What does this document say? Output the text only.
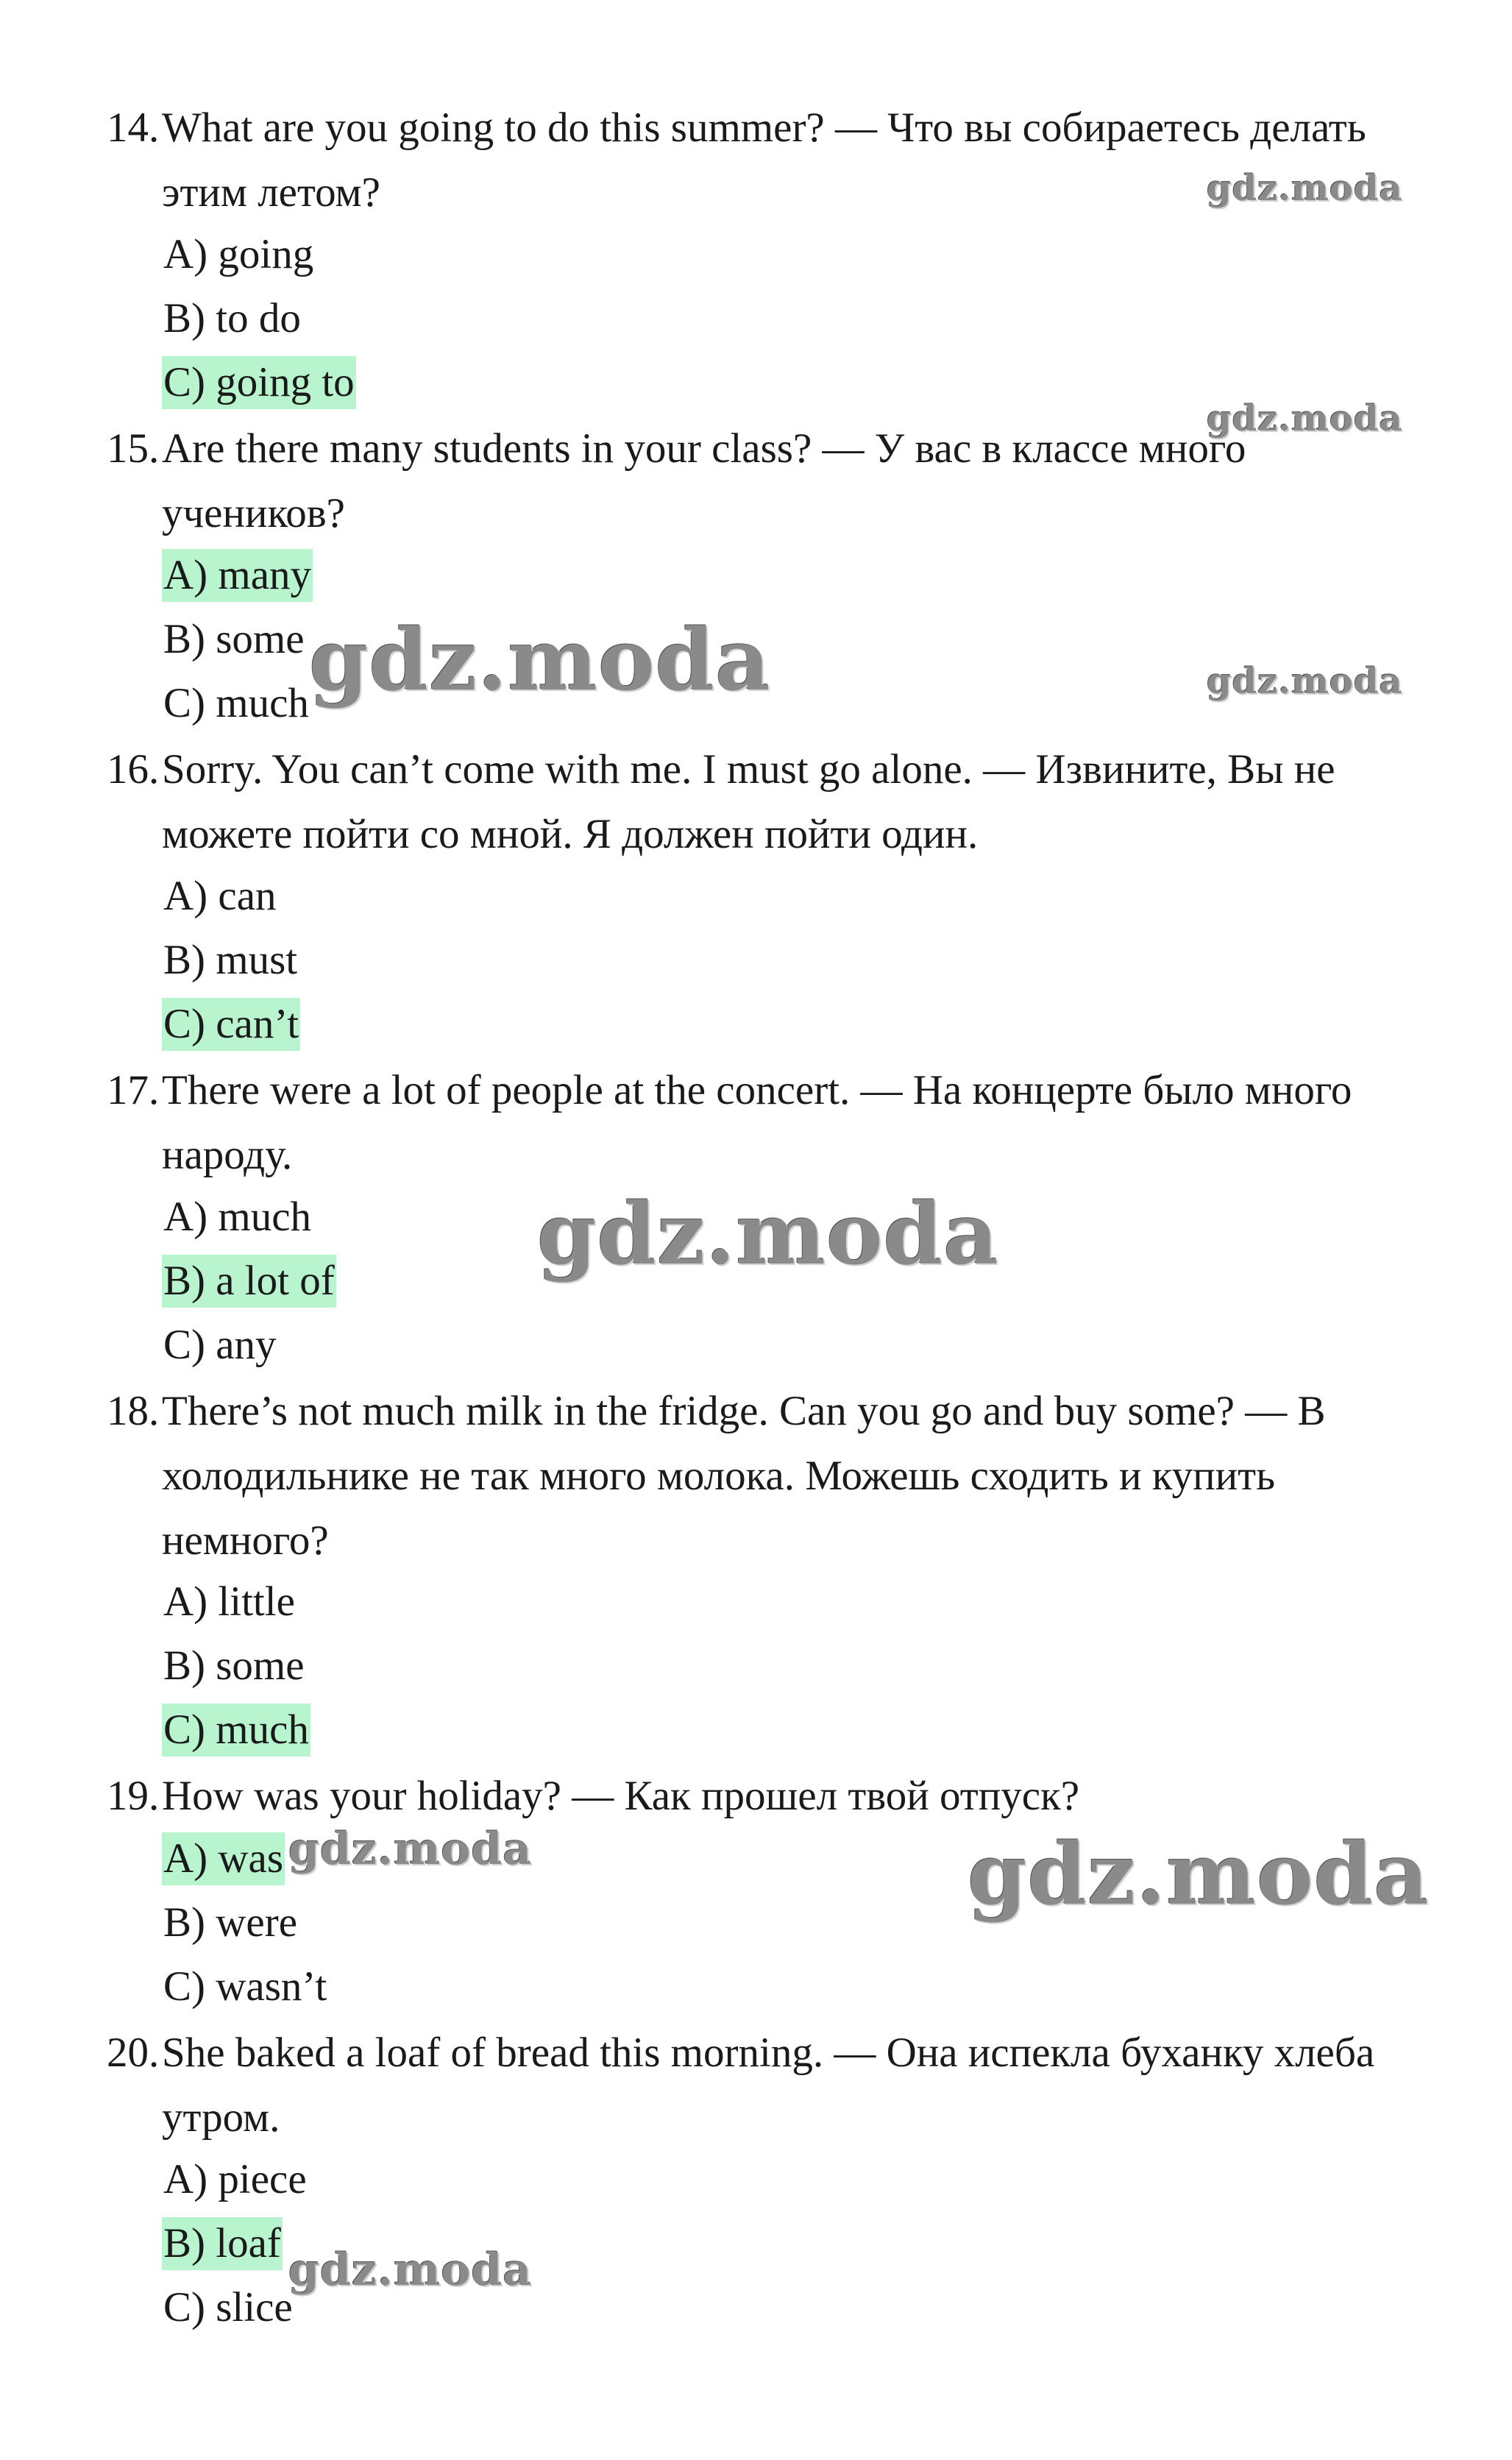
14. What are you going to do this summer? — Что вы собираетесь делать этим летом?
A) going
B) to do
C) going to
15. Are there many students in your class? — У вас в классе много учеников?
A) many
B) some
C) much
16. Sorry. You can’t come with me. I must go alone. — Извините, Вы не можете пойти со мной. Я должен пойти один.
A) can
B) must
C) can’t
17. There were a lot of people at the concert. — На концерте было много народу.
A) much
B) a lot of
C) any
18. There’s not much milk in the fridge. Can you go and buy some? — В холодильнике не так много молока. Можешь сходить и купить немного?
A) little
B) some
C) much
19. How was your holiday? — Как прошел твой отпуск?
A) was
B) were
C) wasn’t
20. She baked a loaf of bread this morning. — Она испекла буханку хлеба утром.
A) piece
B) loaf
C) slice
gdz.moda
gdz.moda
gdz.moda	gdz.moda
gdz.moda
gdz.moda	gdz.moda
gdz.moda
